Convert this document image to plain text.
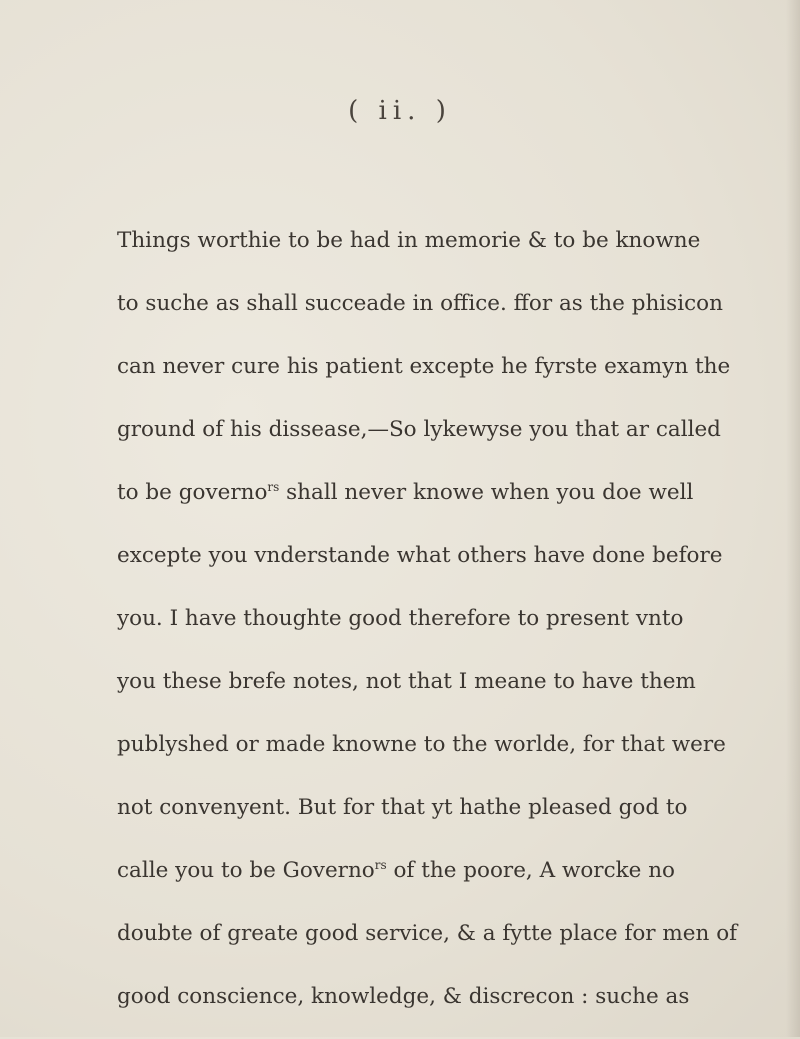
( ii. )
Things worthie to be had in memorie & to be knowne
to suche as shall succeade in office. ffor as the phisicon
can never cure his patient excepte he fyrste examyn the
ground of his dissease,—So lykewyse you that ar called
to be governo$^{rs}$ shall never knowe when you doe well
excepte you vnderstande what others have done before
you. I have thoughte good therefore to present vnto
you these brefe notes, not that I meane to have them
publyshed or made knowne to the worlde, for that were
not convenyent. But for that yt hathe pleased god to
calle you to be Governo$^{rs}$ of the poore, A worcke no
doubte of greate good service, & a fytte place for men of
good conscience, knowledge, & discrecon : suche as
